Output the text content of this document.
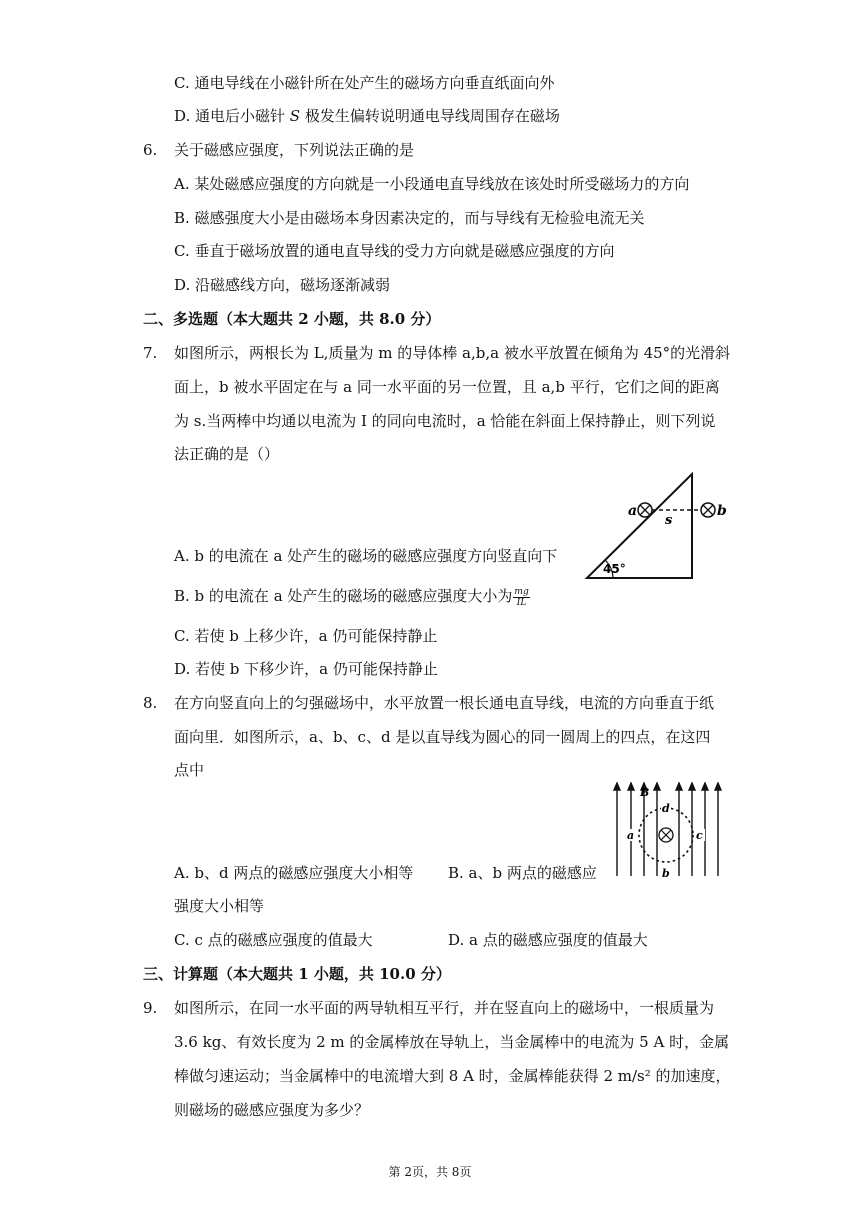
C. 通电导线在小磁针所在处产生的磁场方向垂直纸面向外
D. 通电后小磁针 S 极发生偏转说明通电导线周围存在磁场
6. 关于磁感应强度，下列说法正确的是
A. 某处磁感应强度的方向就是一小段通电直导线放在该处时所受磁场力的方向
B. 磁感强度大小是由磁场本身因素决定的，而与导线有无检验电流无关
C. 垂直于磁场放置的通电直导线的受力方向就是磁感应强度的方向
D. 沿磁感线方向，磁场逐渐减弱
二、多选题（本大题共 2 小题，共 8.0 分）
7. 如图所示，两根长为 L,质量为 m 的导体棒 a,b,a 被水平放置在倾角为 45°的光滑斜
面上，b 被水平固定在与 a 同一水平面的另一位置，且 a,b 平行，它们之间的距离
为 s.当两棒中均通以电流为 I 的同向电流时，a 恰能在斜面上保持静止，则下列说
法正确的是（）
45°
a
s
b
A. b 的电流在 a 处产生的磁场的磁感应强度方向竖直向下
B. b 的电流在 a 处产生的磁场的磁感应强度大小为 $\frac{mg}{IL}$
C. 若使 b 上移少许，a 仍可能保持静止
D. 若使 b 下移少许，a 仍可能保持静止
8. 在方向竖直向上的匀强磁场中，水平放置一根长通电直导线，电流的方向垂直于纸
面向里．如图所示，a、b、c、d 是以直导线为圆心的同一圆周上的四点，在这四
点中
B
d
b
a	c
A. b、d 两点的磁感应强度大小相等 B. a、b 两点的磁感应
强度大小相等
C. c 点的磁感应强度的值最大	D. a 点的磁感应强度的值最大
三、计算题（本大题共 1 小题，共 10.0 分）
9. 如图所示，在同一水平面的两导轨相互平行，并在竖直向上的磁场中，一根质量为
3.6 kg、有效长度为 2 m 的金属棒放在导轨上，当金属棒中的电流为 5 A 时，金属
棒做匀速运动；当金属棒中的电流增大到 8 A 时，金属棒能获得 2 m/s² 的加速度，
则磁场的磁感应强度为多少？
第 2页，共 8页
